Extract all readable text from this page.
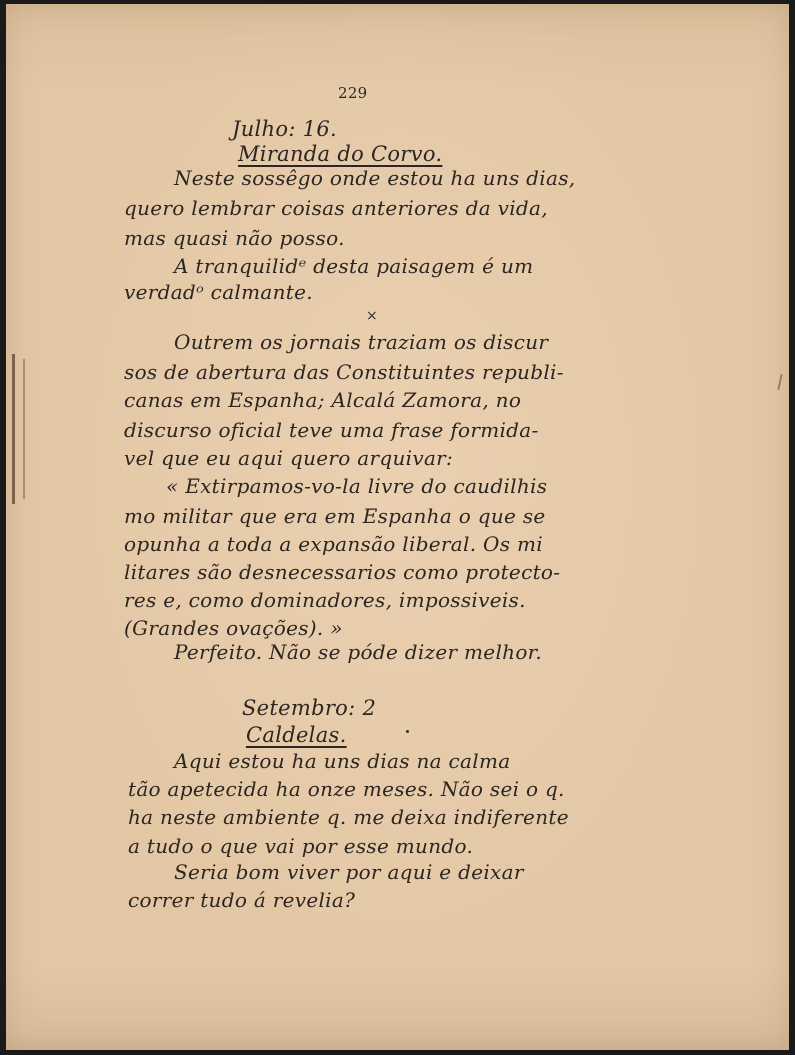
229
Julho: 16.
Miranda do Corvo.
Neste sossêgo onde estou ha uns dias,
quero lembrar coisas anteriores da vida,
mas quasi não posso.
A tranquilidᵉ desta paisagem é um
verdadᵒ calmante.
×
Outrem os jornais traziam os discur
sos de abertura das Constituintes republi-
canas em Espanha; Alcalá Zamora, no
discurso oficial teve uma frase formida-
vel que eu aqui quero arquivar:
« Extirpamos-vo-la livre do caudilhis
mo militar que era em Espanha o que se
opunha a toda a expansão liberal. Os mi
litares são desnecessarios como protecto-
res e, como dominadores, impossiveis.
(Grandes ovações). »
Perfeito. Não se póde dizer melhor.
Setembro: 2
Caldelas.
Aqui estou ha uns dias na calma
tão apetecida ha onze meses. Não sei o q.
ha neste ambiente q. me deixa indiferente
a tudo o que vai por esse mundo.
Seria bom viver por aqui e deixar
correr tudo á revelia?
